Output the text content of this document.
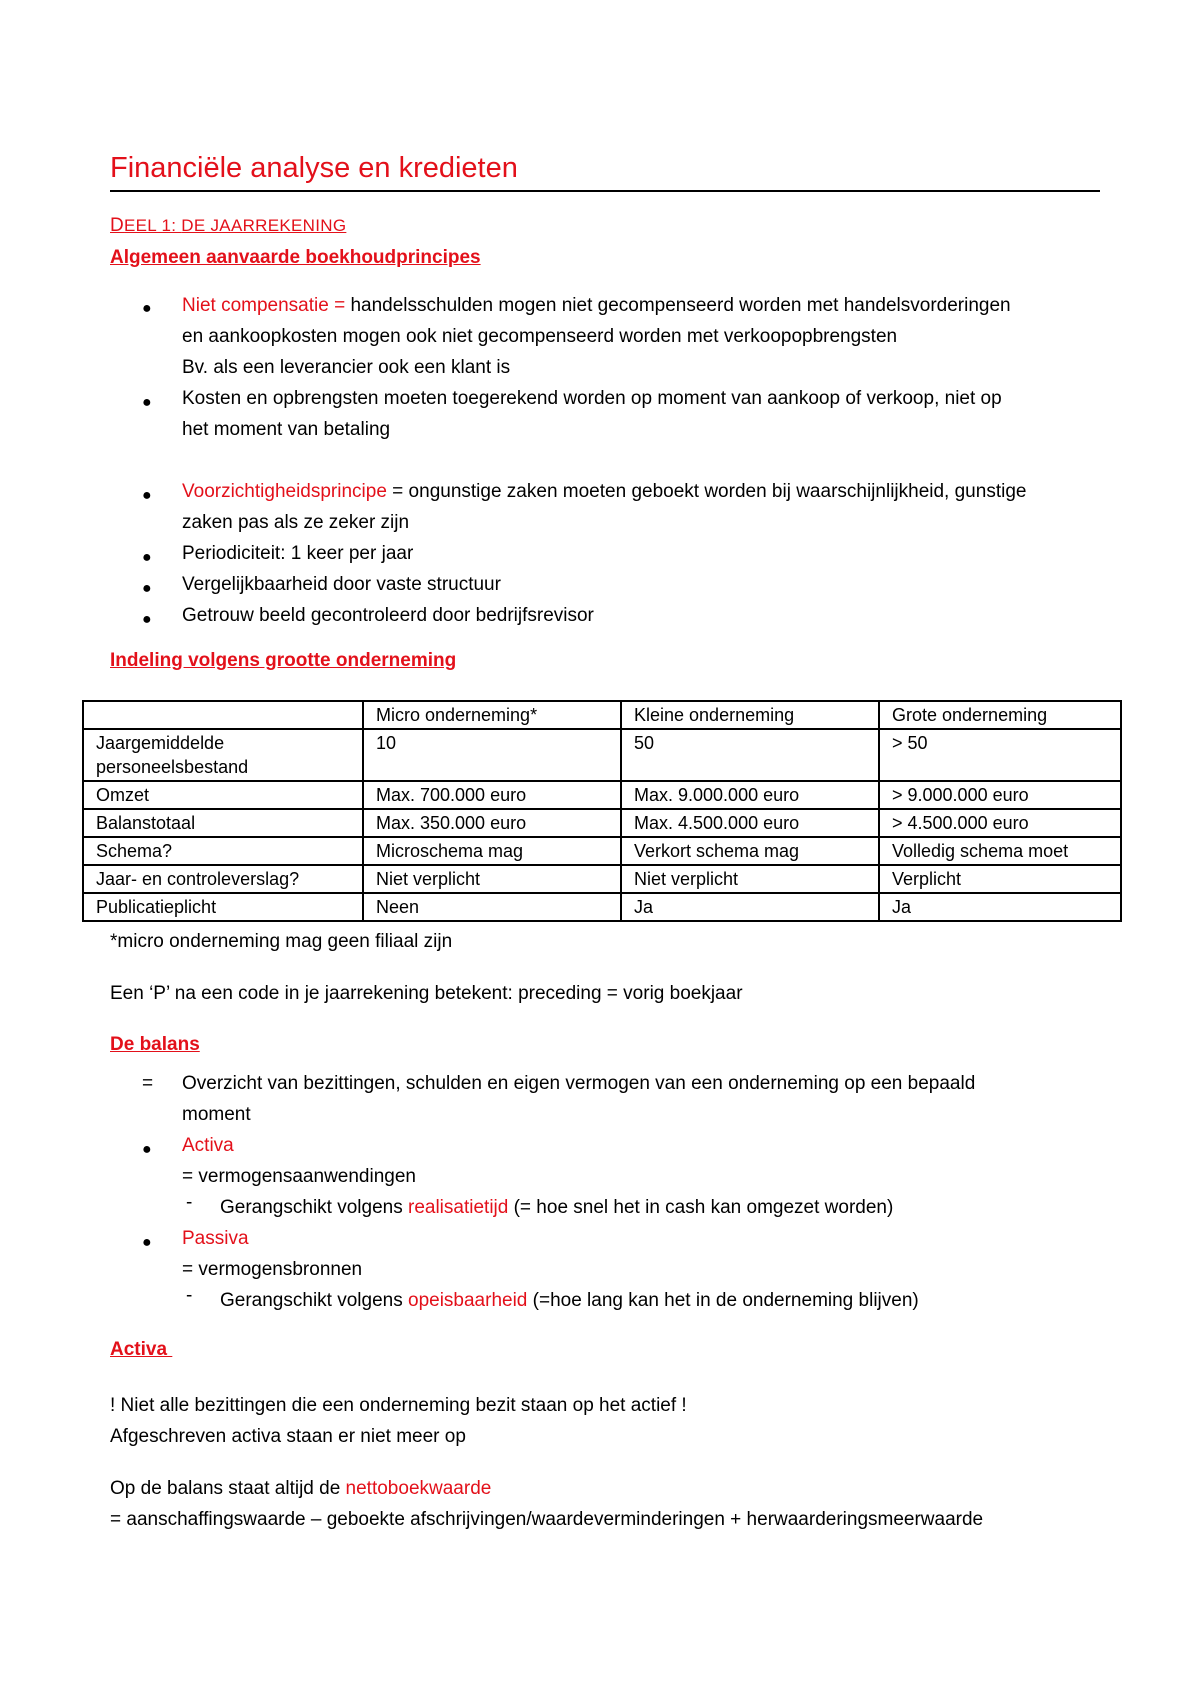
Financiële analyse en kredieten
DEEL 1: DE JAARREKENING
Algemeen aanvaarde boekhoudprincipes
● Niet compensatie = handelsschulden mogen niet gecompenseerd worden met handelsvorderingen
en aankoopkosten mogen ook niet gecompenseerd worden met verkoopopbrengsten
Bv. als een leverancier ook een klant is
● Kosten en opbrengsten moeten toegerekend worden op moment van aankoop of verkoop, niet op
het moment van betaling
● Voorzichtigheidsprincipe = ongunstige zaken moeten geboekt worden bij waarschijnlijkheid, gunstige
zaken pas als ze zeker zijn
● Periodiciteit: 1 keer per jaar
● Vergelijkbaarheid door vaste structuur
● Getrouw beeld gecontroleerd door bedrijfsrevisor
Indeling volgens grootte onderneming
	Micro onderneming*	Kleine onderneming	Grote onderneming
Jaargemiddelde personeelsbestand	10	50	> 50
Omzet	Max. 700.000 euro	Max. 9.000.000 euro	> 9.000.000 euro
Balanstotaal	Max. 350.000 euro	Max. 4.500.000 euro	> 4.500.000 euro
Schema?	Microschema mag	Verkort schema mag	Volledig schema moet
Jaar- en controleverslag?	Niet verplicht	Niet verplicht	Verplicht
Publicatieplicht	Neen	Ja	Ja
*micro onderneming mag geen filiaal zijn
Een ‘P’ na een code in je jaarrekening betekent: preceding = vorig boekjaar
De balans
= Overzicht van bezittingen, schulden en eigen vermogen van een onderneming op een bepaald
moment
● Activa
= vermogensaanwendingen
- Gerangschikt volgens realisatietijd (= hoe snel het in cash kan omgezet worden)
● Passiva
= vermogensbronnen
- Gerangschikt volgens opeisbaarheid (=hoe lang kan het in de onderneming blijven)
Activa
! Niet alle bezittingen die een onderneming bezit staan op het actief !
Afgeschreven activa staan er niet meer op
Op de balans staat altijd de nettoboekwaarde
= aanschaffingswaarde – geboekte afschrijvingen/waardeverminderingen + herwaarderingsmeerwaarde
